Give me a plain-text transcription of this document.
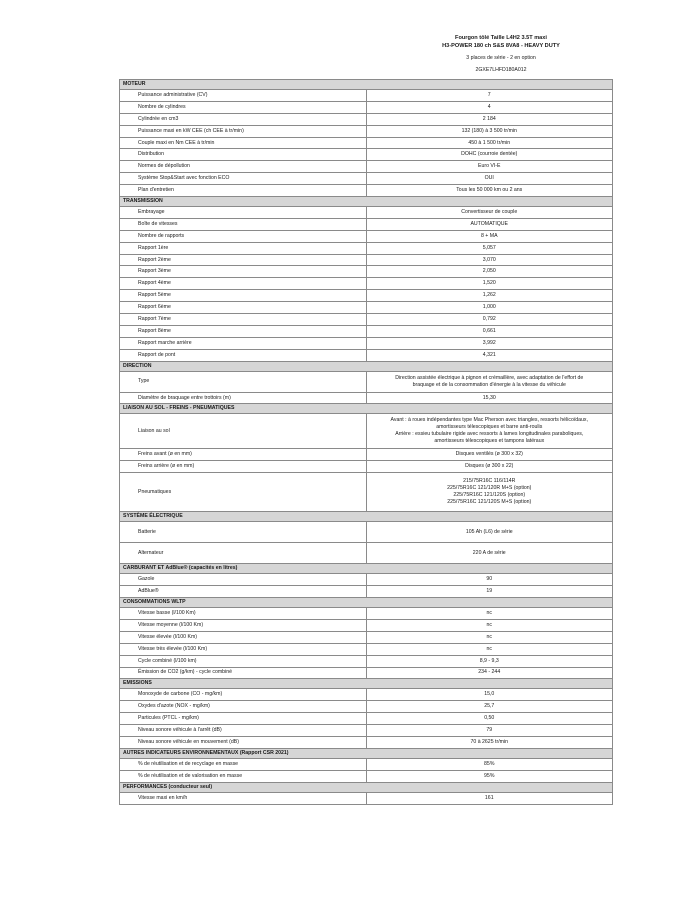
Fourgon tôlé Taille L4H2 3.5T maxi
H3-POWER 180 ch S&S 8VA8 - HEAVY DUTY
3 places de série - 2 en option
2GXE7LHFD180A012
MOTEUR	
Puissance administrative (CV)	7
Nombre de cylindres	4
Cylindrée en cm3	2 184
Puissance maxi en kW CEE (ch CEE à tr/min)	132 (180) à 3 500 tr/min
Couple maxi en Nm CEE à tr/min	450 à 1 500 tr/min
Distribution	DOHC (courroie dentée)
Normes de dépollution	Euro VI-E
Système Stop&Start avec fonction ECO	OUI
Plan d'entretien	Tous les 50 000 km ou 2 ans
TRANSMISSION	
Embrayage	Convertisseur de couple
Boîte de vitesses	AUTOMATIQUE
Nombre de rapports	8 + MA
Rapport 1ère	5,057
Rapport 2ème	3,070
Rapport 3ème	2,050
Rapport 4ème	1,520
Rapport 5ème	1,262
Rapport 6ème	1,000
Rapport 7ème	0,792
Rapport 8ème	0,661
Rapport marche arrière	3,992
Rapport de pont	4,321
DIRECTION	
Type	Direction assistée électrique à pignon et crémaillère, avec adaptation de l'effort de
braquage et de la consommation d'énergie à la vitesse du véhicule

Diamètre de braquage entre trottoirs (m)	15,30
LIAISON AU SOL - FREINS - PNEUMATIQUES	
Liaison au sol	Avant : à roues indépendantes type Mac Pherson avec triangles, ressorts hélicoïdaux,
amortisseurs télescopiques et barre anti-roulis
Arrière : essieu tubulaire rigide avec ressorts à lames longitudinales paraboliques,
amortisseurs télescopiques et tampons latéraux

Freins avant (ø en mm)	Disques ventilés (ø 300 x 32)
Freins arrière (ø en mm)	Disques (ø 300 x 22)
Pneumatiques	215/75R16C 116/114R
225/75R16C 121/120R M+S (option)
225/75R16C 121/120S (option)
225/75R16C 121/120S M+S (option)

SYSTÈME ÉLECTRIQUE	
Batterie	105 Ah (L6) de série
Alternateur	220 A de série
CARBURANT ET AdBlue® (capacités en litres)	
Gazole	90
AdBlue®	19
CONSOMMATIONS WLTP	
Vitesse basse (l/100 Km)	nc
Vitesse moyenne (l/100 Km)	nc
Vitesse élevée (l/100 Km)	nc
Vitesse très élevée (l/100 Km)	nc
Cycle combiné (l/100 km)	8,9 - 9,3
Émission de CO2 (g/km) - cycle combiné	234 - 244
EMISSIONS	
Monoxyde de carbone (CO - mg/km)	15,0
Oxydes d'azote (NOX - mg/km)	25,7
Particules (PTCL - mg/km)	0,50
Niveau sonore véhicule à l'arrêt (dB)	79
Niveau sonore véhicule en mouvement (dB)	70 à 2625 tr/min
AUTRES INDICATEURS ENVIRONNEMENTAUX (Rapport CSR 2021)	
% de réutilisation et de recyclage en masse	85%
% de réutilisation et de valorisation en masse	95%
PERFORMANCES (conducteur seul)	
Vitesse maxi en km/h	161
